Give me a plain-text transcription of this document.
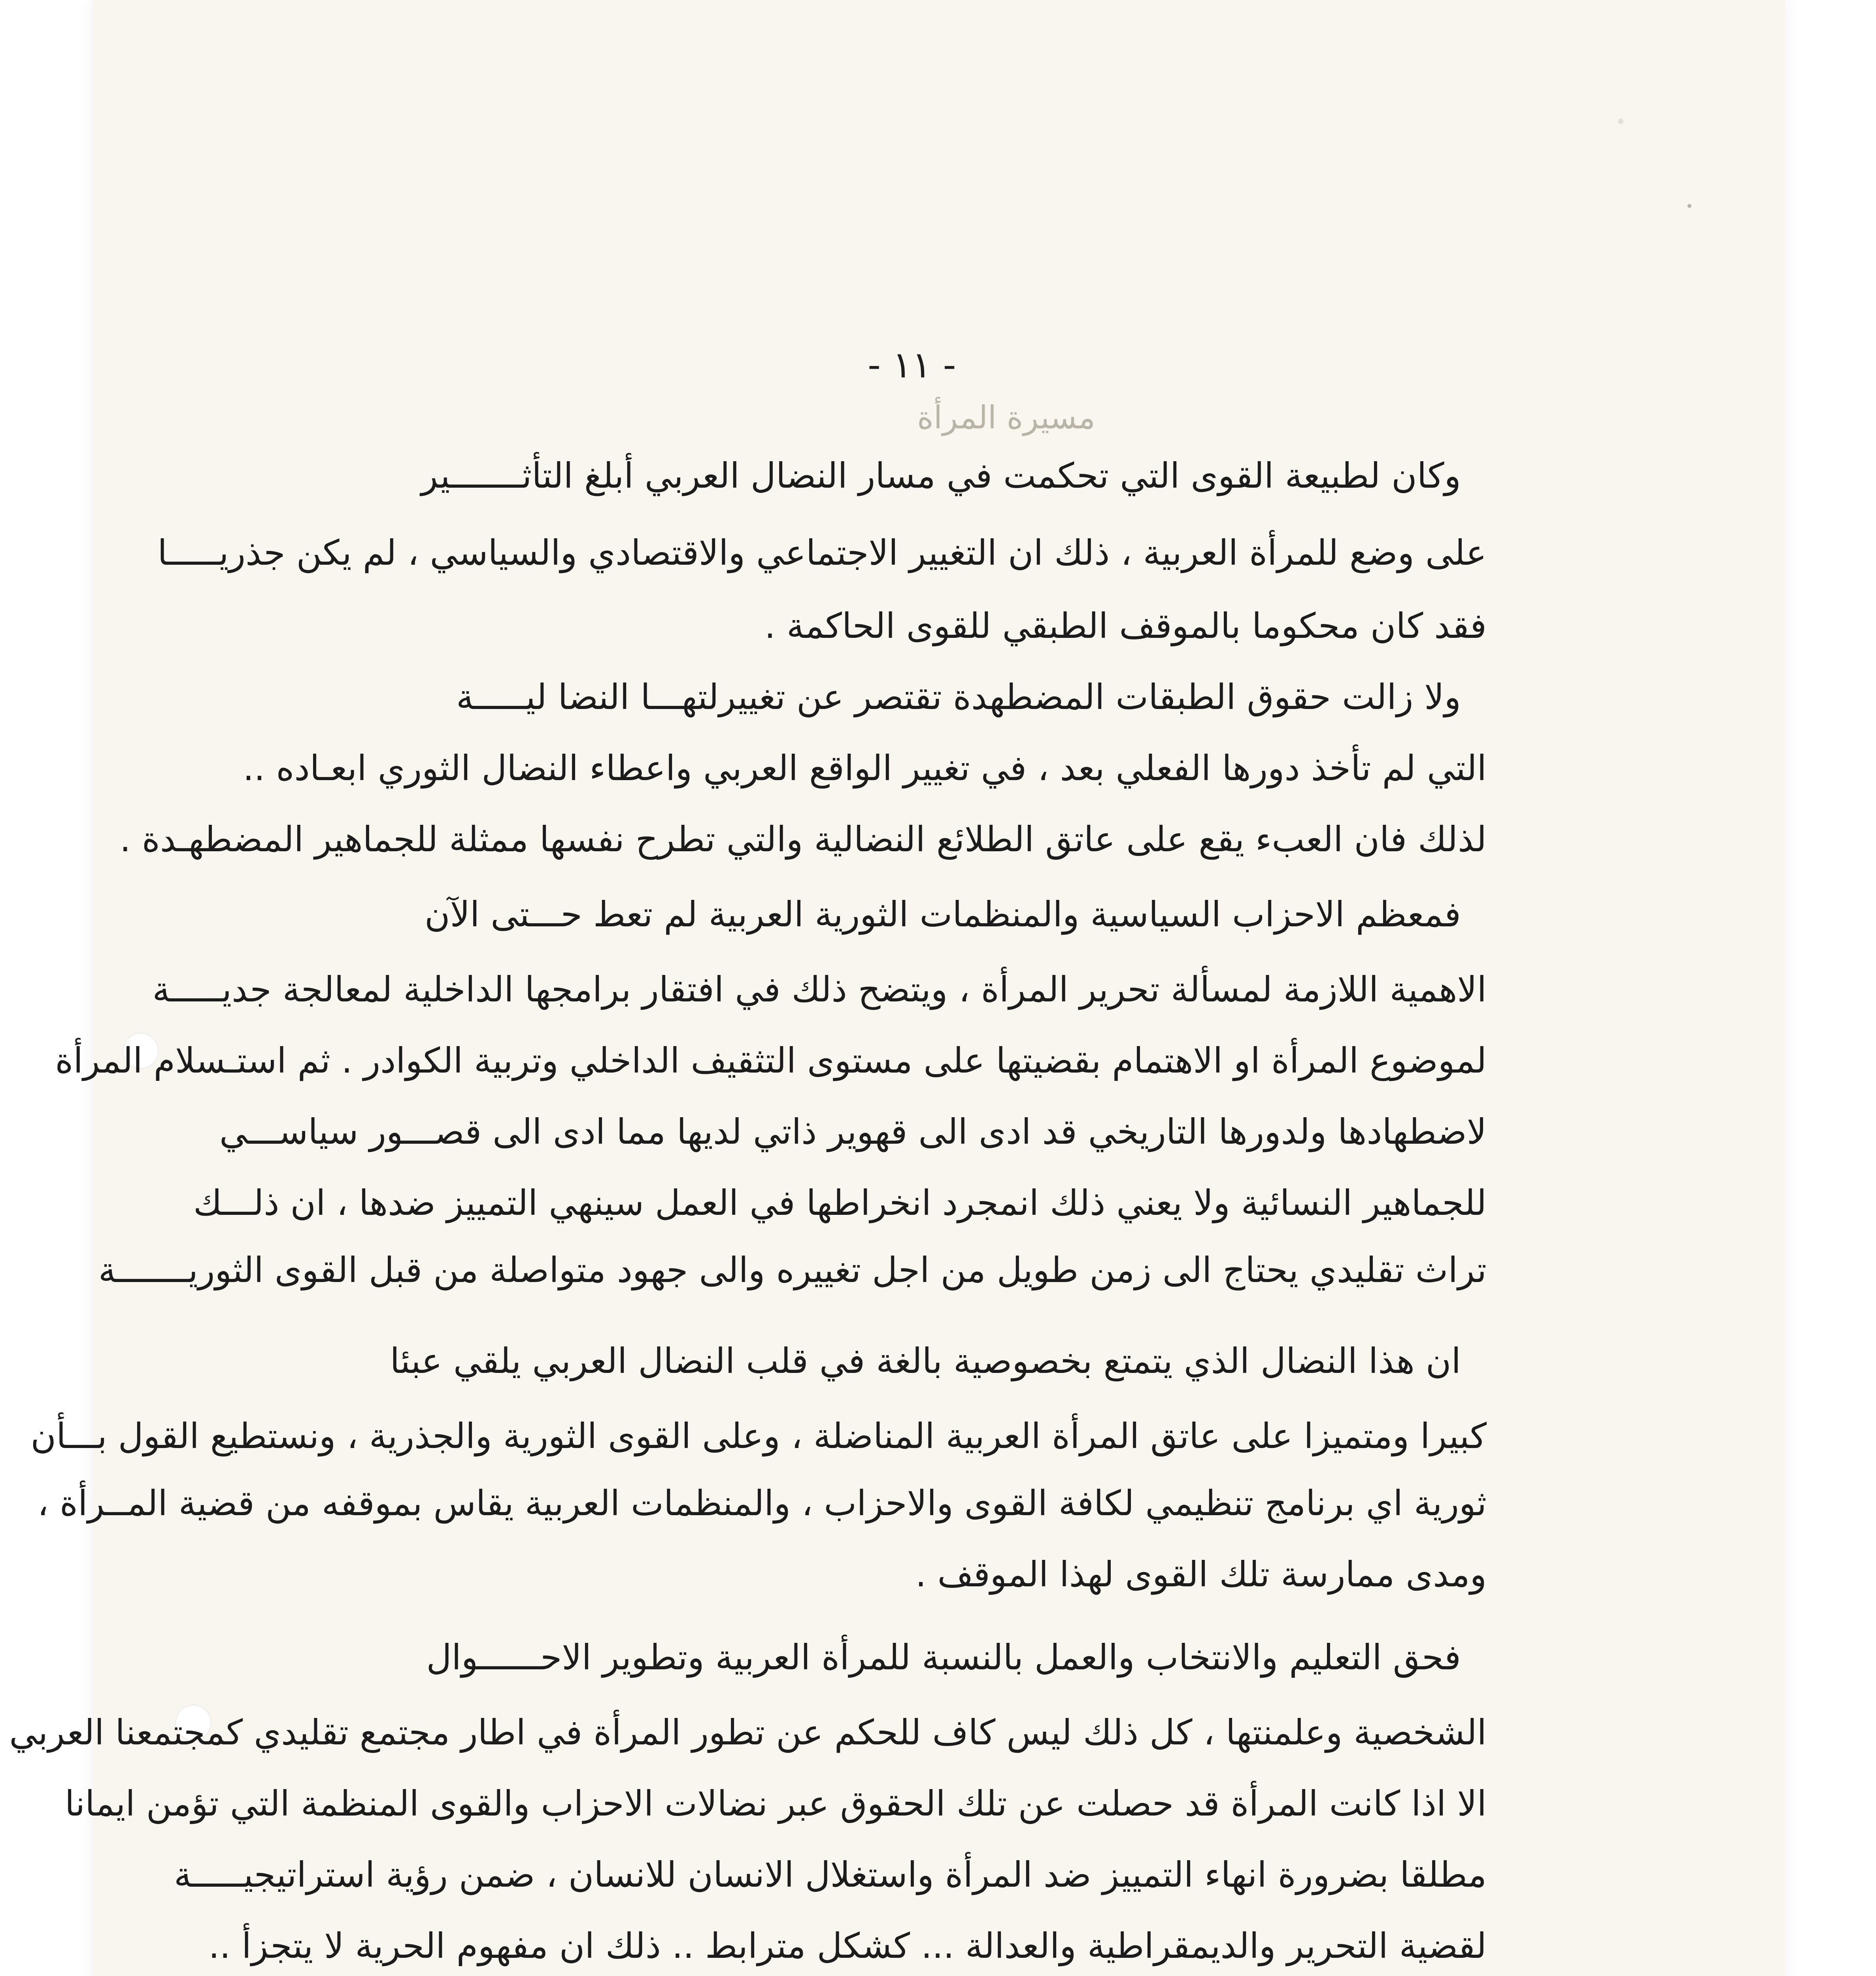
- ١١ -
مسيرة المرأة
وكان لطبيعة القوى التي تحكمت في مسار النضال العربي أبلغ التأثـــــــير
على وضع للمرأة العربية ، ذلك ان التغيير الاجتماعي والاقتصادي والسياسي ، لم يكن جذريـــــا
فقد كان محكوما بالموقف الطبقي للقوى الحاكمة .
ولا زالت حقوق الطبقات المضطهدة تقتصر عن تغييرلتهـــا النضا ليـــــة
التي لم تأخذ دورها الفعلي بعد ، في تغيير الواقع العربي واعطاء النضال الثوري ابعـاده ..
لذلك فان العبء يقع على عاتق الطلائع النضالية والتي تطرح نفسها ممثلة للجماهير المضطهـدة .
فمعظم الاحزاب السياسية والمنظمات الثورية العربية لم تعط حـــتى الآن
الاهمية اللازمة لمسألة تحرير المرأة ، ويتضح ذلك في افتقار برامجها الداخلية لمعالجة جديـــــة
لموضوع المرأة او الاهتمام بقضيتها على مستوى التثقيف الداخلي وتربية الكوادر . ثم استـسلام المرأة
لاضطهادها ولدورها التاريخي قد ادى الى قهوير ذاتي لديها مما ادى الى قصـــور سياســـي
للجماهير النسائية ولا يعني ذلك انمجرد انخراطها في العمل سينهي التمييز ضدها ، ان ذلـــك
تراث تقليدي يحتاج الى زمن طويل من اجل تغييره والى جهود متواصلة من قبل القوى الثوريـــــــة
ان هذا النضال الذي يتمتع بخصوصية بالغة في قلب النضال العربي يلقي عبئا
كبيرا ومتميزا على عاتق المرأة العربية المناضلة ، وعلى القوى الثورية والجذرية ، ونستطيع القول بـــأن
ثورية اي برنامج تنظيمي لكافة القوى والاحزاب ، والمنظمات العربية يقاس بموقفه من قضية المــرأة ،
ومدى ممارسة تلك القوى لهذا الموقف .
فحق التعليم والانتخاب والعمل بالنسبة للمرأة العربية وتطوير الاحــــــوال
الشخصية وعلمنتها ، كل ذلك ليس كاف للحكم عن تطور المرأة في اطار مجتمع تقليدي كمجتمعنا العربي
الا اذا كانت المرأة قد حصلت عن تلك الحقوق عبر نضالات الاحزاب والقوى المنظمة التي تؤمن ايمانا
مطلقا بضرورة انهاء التمييز ضد المرأة واستغلال الانسان للانسان ، ضمن رؤية استراتيجيـــــة
لقضية التحرير والديمقراطية والعدالة ... كشكل مترابط .. ذلك ان مفهوم الحرية لا يتجزأ ..
